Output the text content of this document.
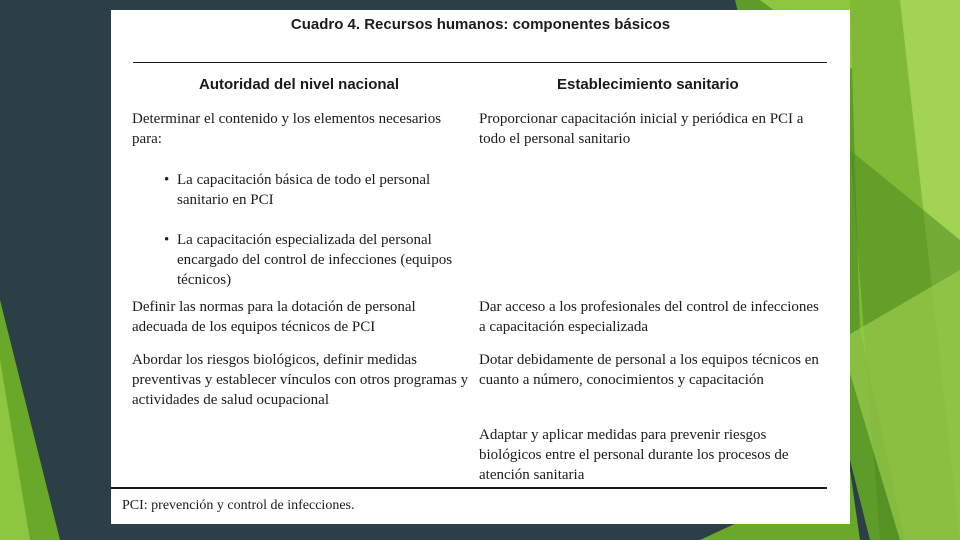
Cuadro 4. Recursos humanos: componentes básicos
Autoridad del nivel nacional	Establecimiento sanitario
Determinar el contenido y los elementos necesarios para:
• La capacitación básica de todo el personal sanitario en PCI
• La capacitación especializada del personal encargado del control de infecciones (equipos técnicos)
Proporcionar capacitación inicial y periódica en PCI a todo el personal sanitario
Definir las normas para la dotación de personal adecuada de los equipos técnicos de PCI
Dar acceso a los profesionales del control de infecciones a capacitación especializada
Abordar los riesgos biológicos, definir medidas preventivas y establecer vínculos con otros programas y actividades de salud ocupacional
Dotar debidamente de personal a los equipos técnicos en cuanto a número, conocimientos y capacitación
Adaptar y aplicar medidas para prevenir riesgos biológicos entre el personal durante los procesos de atención sanitaria
PCI: prevención y control de infecciones.
